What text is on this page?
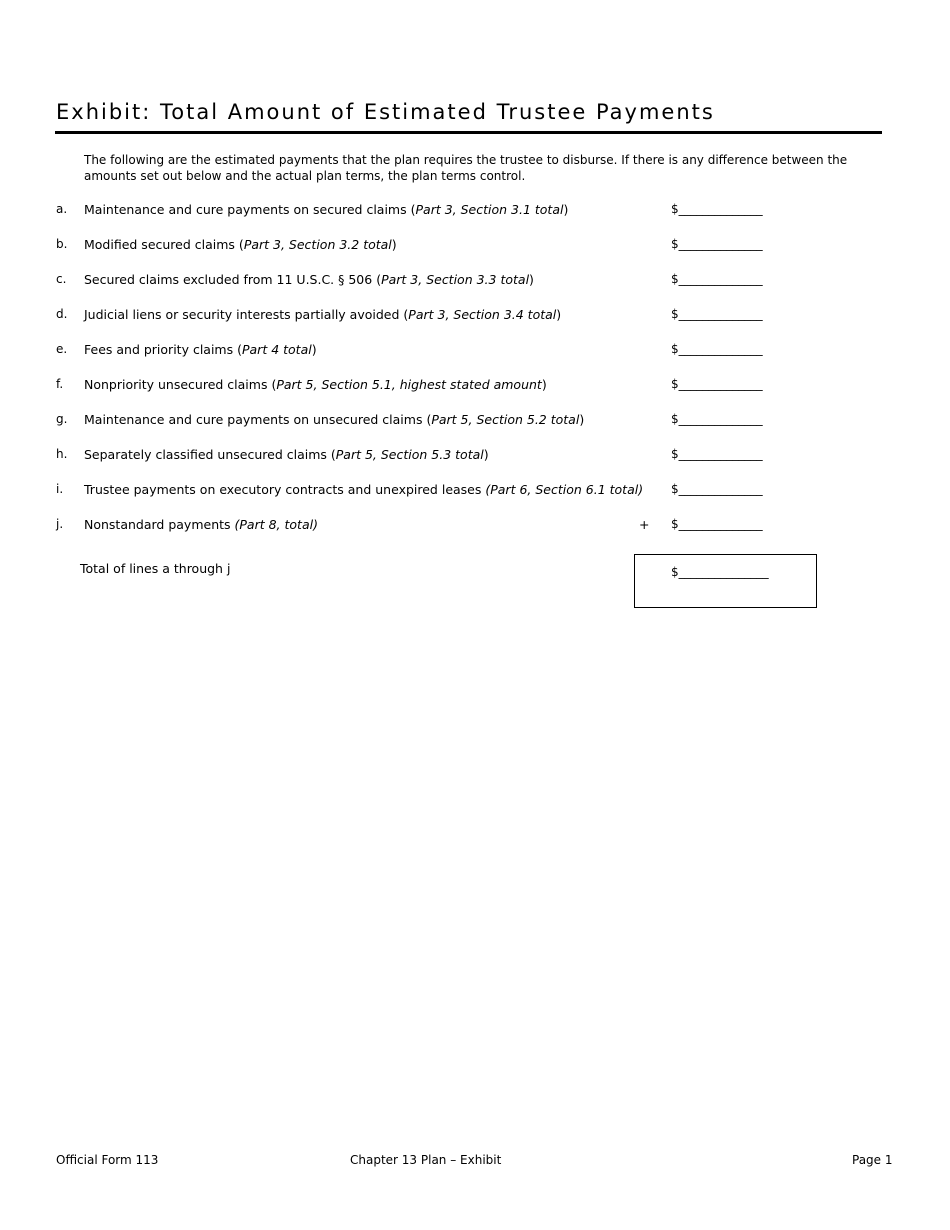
Exhibit: Total Amount of Estimated Trustee Payments
The following are the estimated payments that the plan requires the trustee to disburse. If there is any difference between the amounts set out below and the actual plan terms, the plan terms control.
a. Maintenance and cure payments on secured claims (Part 3, Section 3.1 total)	$______________
b. Modified secured claims (Part 3, Section 3.2 total)	$______________
c. Secured claims excluded from 11 U.S.C. § 506 (Part 3, Section 3.3 total)	$______________
d. Judicial liens or security interests partially avoided (Part 3, Section 3.4 total)	$______________
e. Fees and priority claims (Part 4 total)	$______________
f. Nonpriority unsecured claims (Part 5, Section 5.1, highest stated amount)	$______________
g. Maintenance and cure payments on unsecured claims (Part 5, Section 5.2 total)	$______________
h. Separately classified unsecured claims (Part 5, Section 5.3 total)	$______________
i. Trustee payments on executory contracts and unexpired leases (Part 6, Section 6.1 total) $______________
j. Nonstandard payments (Part 8, total)	+ $______________
Total of lines a through j	$_______________
Official Form 113	Chapter 13 Plan – Exhibit	Page 1
